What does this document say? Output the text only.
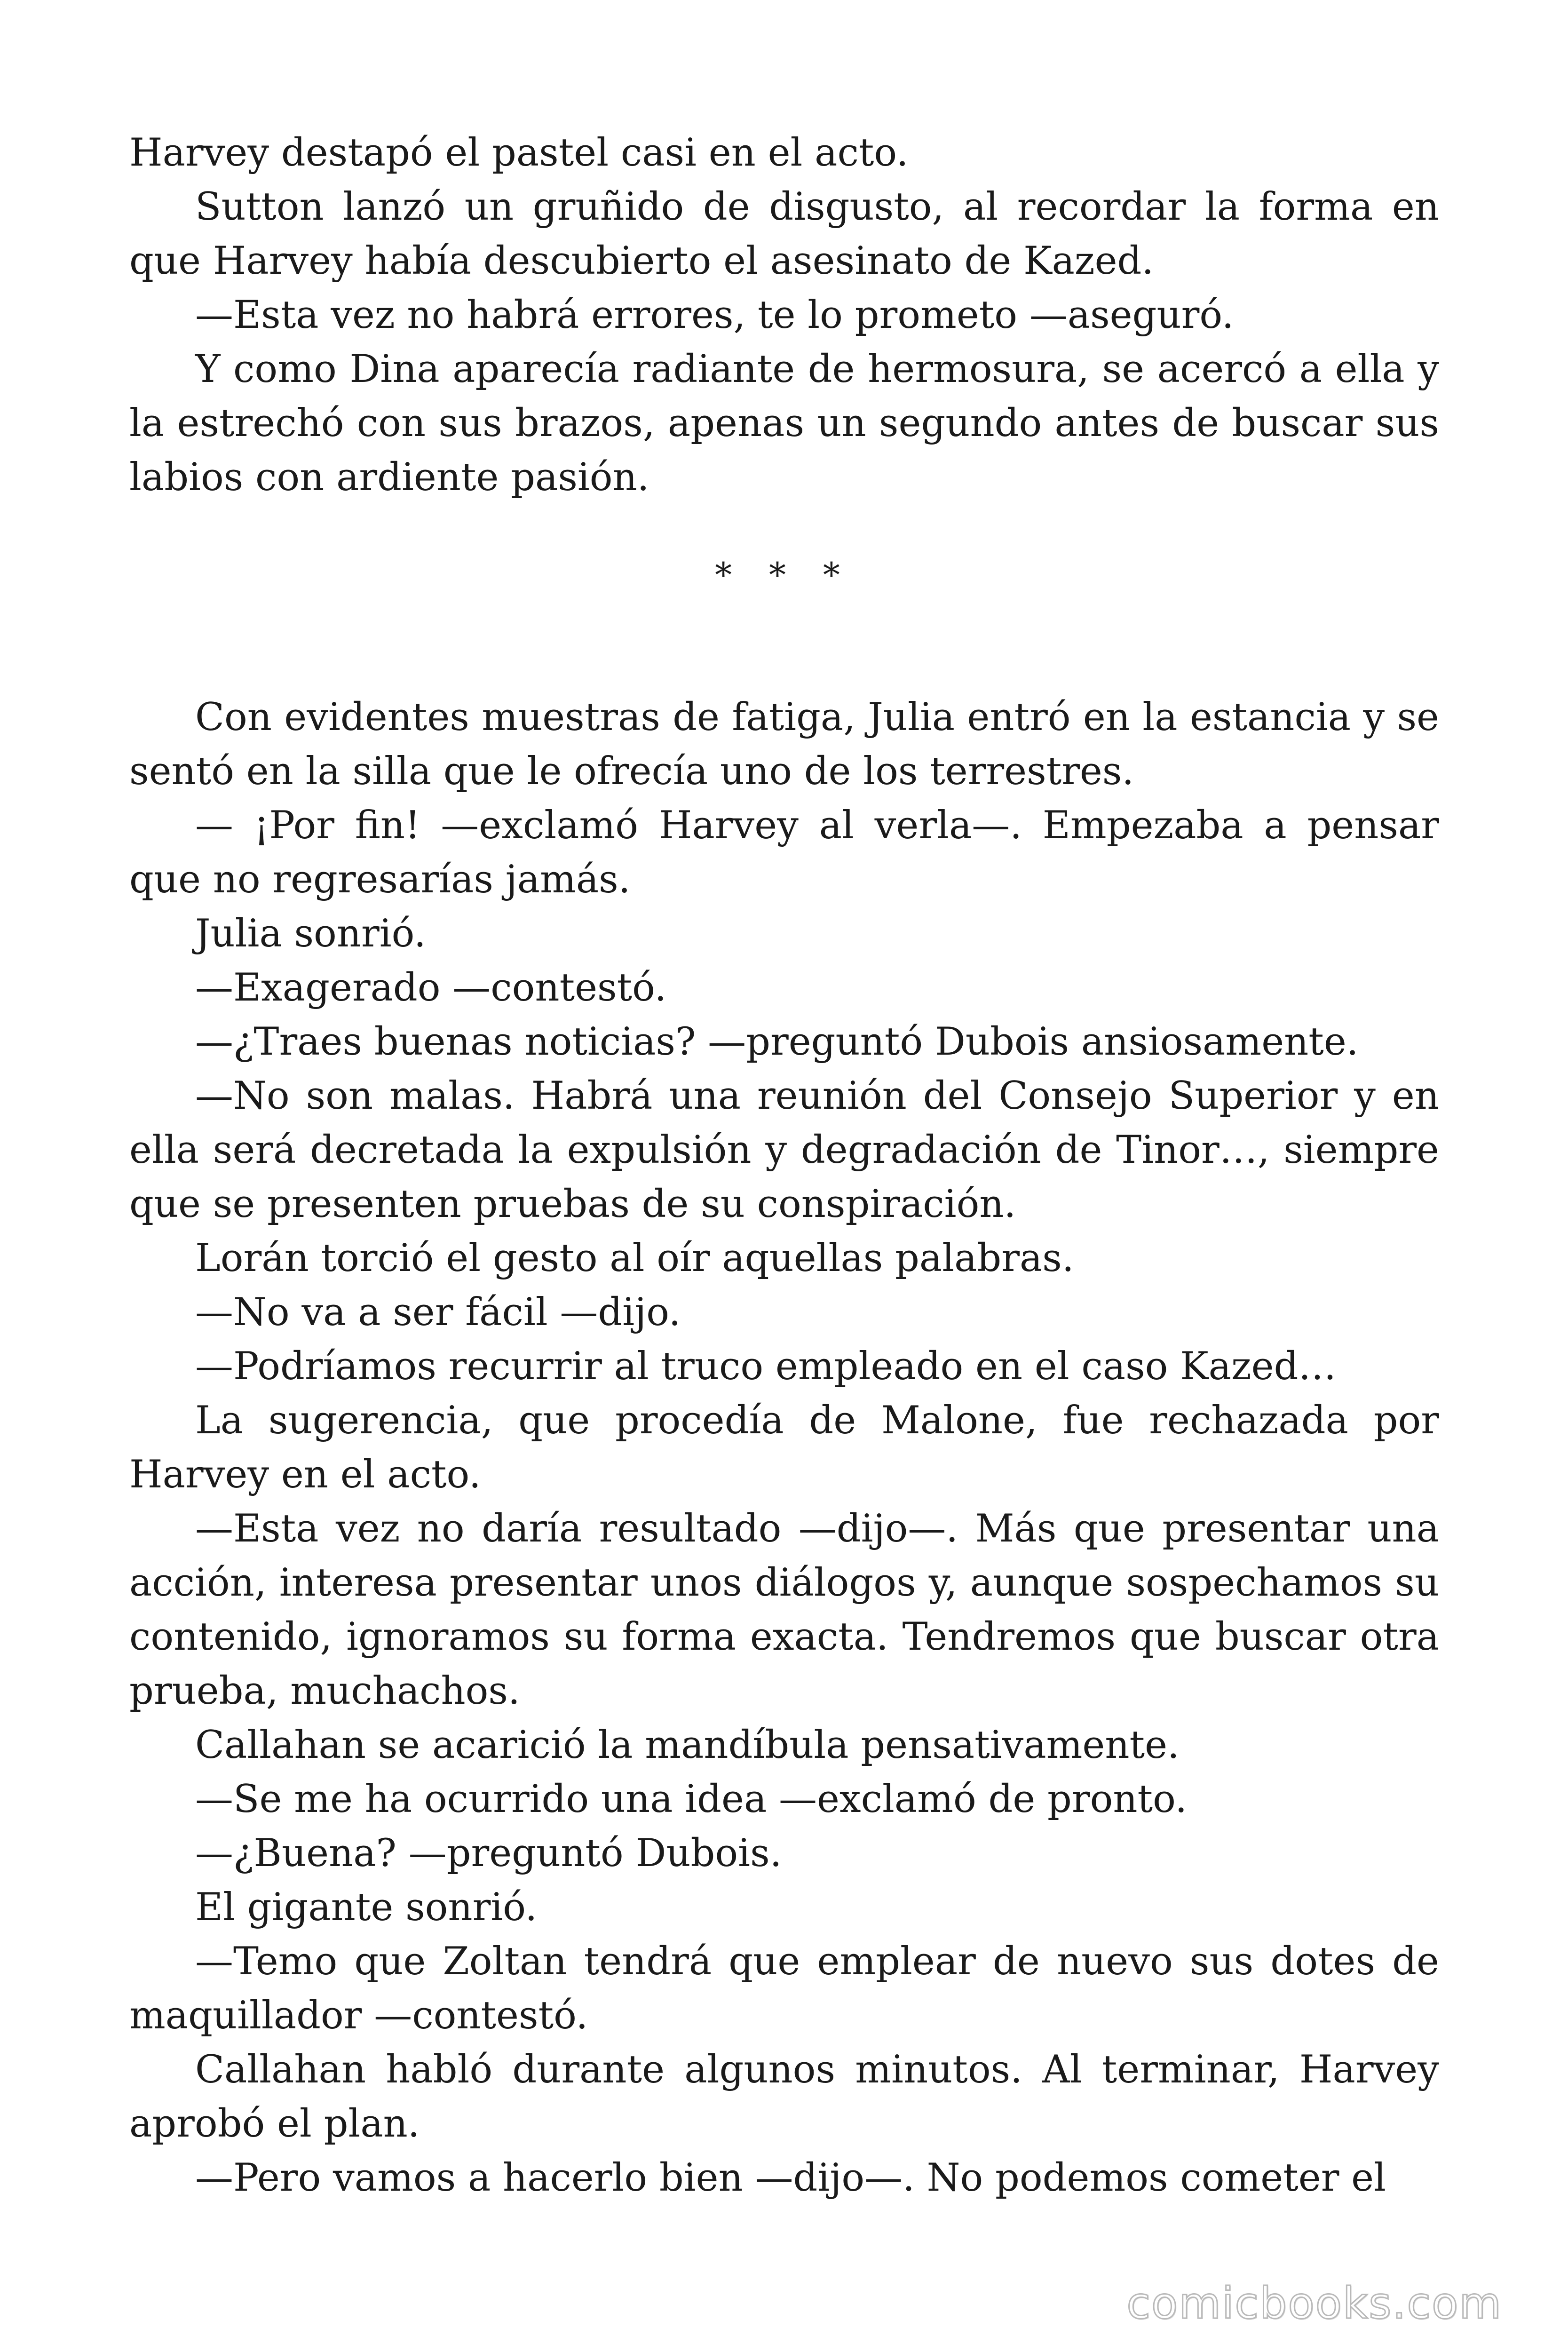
Harvey destapó el pastel casi en el acto.

Sutton lanzó un gruñido de disgusto, al recordar la forma en que Harvey había descubierto el asesinato de Kazed.

—Esta vez no habrá errores, te lo prometo —aseguró.

Y como Dina aparecía radiante de hermosura, se acercó a ella y la estrechó con sus brazos, apenas un segundo antes de buscar sus labios con ardiente pasión.

* * *

Con evidentes muestras de fatiga, Julia entró en la estancia y se sentó en la silla que le ofrecía uno de los terrestres.

— ¡Por fin! —exclamó Harvey al verla—. Empezaba a pensar que no regresarías jamás.

Julia sonrió.

—Exagerado —contestó.

—¿Traes buenas noticias? —preguntó Dubois ansiosamente.

—No son malas. Habrá una reunión del Consejo Superior y en ella será decretada la expulsión y degradación de Tinor…, siempre que se presenten pruebas de su conspiración.

Lorán torció el gesto al oír aquellas palabras.

—No va a ser fácil —dijo.

—Podríamos recurrir al truco empleado en el caso Kazed…

La sugerencia, que procedía de Malone, fue rechazada por Harvey en el acto.

—Esta vez no daría resultado —dijo—. Más que presentar una acción, interesa presentar unos diálogos y, aunque sospechamos su contenido, ignoramos su forma exacta. Tendremos que buscar otra prueba, muchachos.

Callahan se acarició la mandíbula pensativamente.

—Se me ha ocurrido una idea —exclamó de pronto.

—¿Buena? —preguntó Dubois.

El gigante sonrió.

—Temo que Zoltan tendrá que emplear de nuevo sus dotes de maquillador —contestó.

Callahan habló durante algunos minutos. Al terminar, Harvey aprobó el plan.

—Pero vamos a hacerlo bien —dijo—. No podemos cometer el

comicbooks.com
